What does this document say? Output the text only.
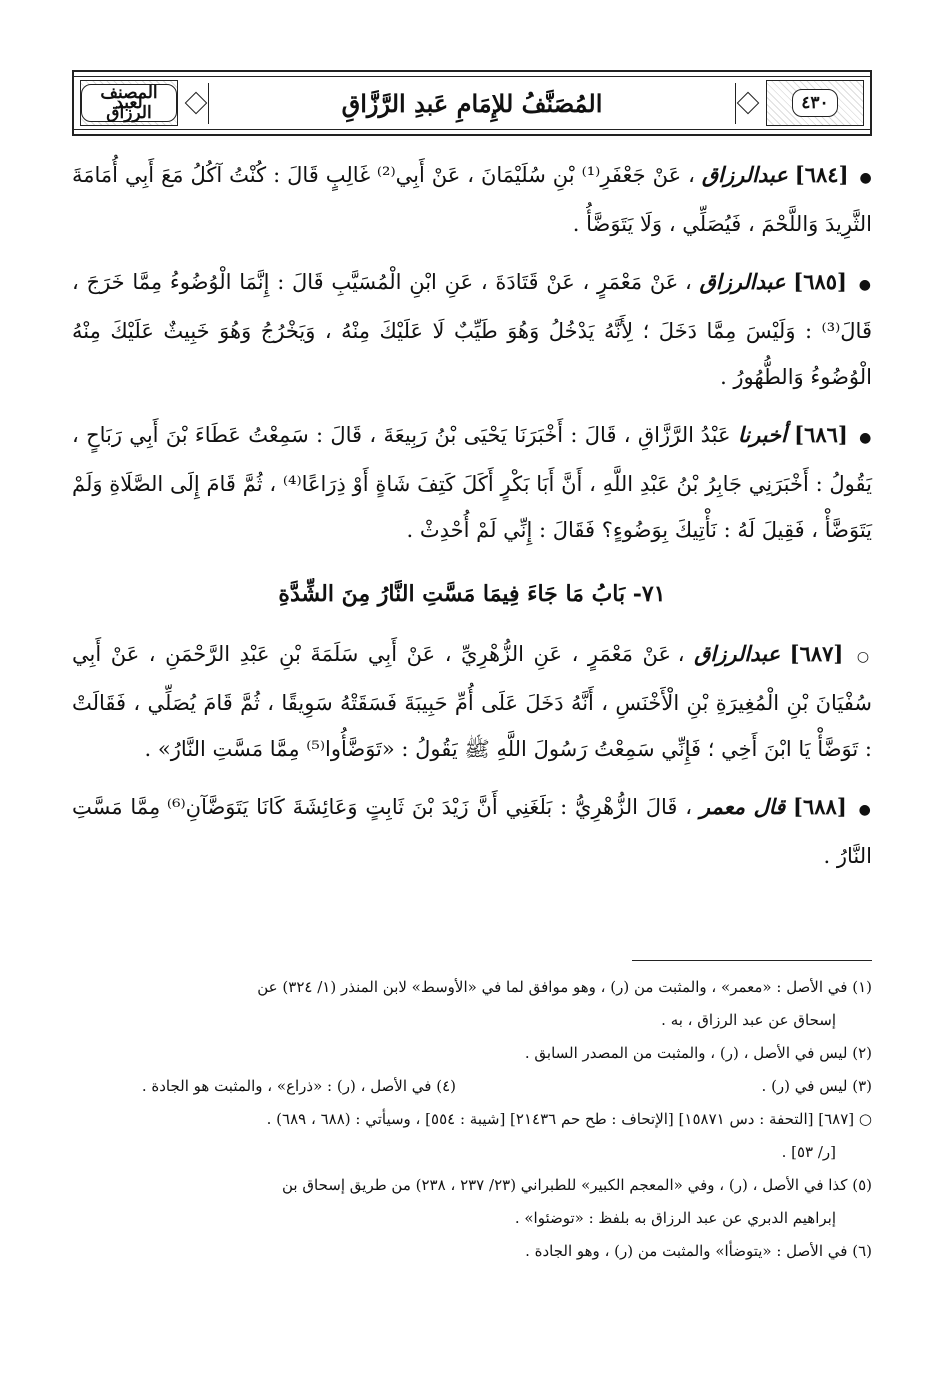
٤٣٠
المُصَنَّفُ للإِمَامِ عَبدِ الرَّزَّاقِ
المصنف لعبد الرزاق
● [٦٨٤] عبدالرزاق ، عَنْ جَعْفَرِ⁽¹⁾ بْنِ سُلَيْمَانَ ، عَنْ أَبِي⁽²⁾ غَالِبٍ قَالَ : كُنْتُ آكُلُ مَعَ أَبِي أُمَامَةَ الثَّرِيدَ وَاللَّحْمَ ، فَيُصَلِّي ، وَلَا يَتَوَضَّأُ .
● [٦٨٥] عبدالرزاق ، عَنْ مَعْمَرٍ ، عَنْ قَتَادَةَ ، عَنِ ابْنِ الْمُسَيَّبِ قَالَ : إِنَّمَا الْوُضُوءُ مِمَّا خَرَجَ ، قَالَ⁽³⁾ : وَلَيْسَ مِمَّا دَخَلَ ؛ لِأَنَّهُ يَدْخُلُ وَهُوَ طَيِّبٌ لَا عَلَيْكَ مِنْهُ ، وَيَخْرُجُ وَهُوَ خَبِيثٌ عَلَيْكَ مِنْهُ الْوُضُوءُ وَالطُّهُورُ .
● [٦٨٦] أخبرنا عَبْدُ الرَّزَّاقِ ، قَالَ : أَخْبَرَنَا يَحْيَى بْنُ رَبِيعَةَ ، قَالَ : سَمِعْتُ عَطَاءَ بْنَ أَبِي رَبَاحٍ ، يَقُولُ : أَخْبَرَنِي جَابِرُ بْنُ عَبْدِ اللَّهِ ، أَنَّ أَبَا بَكْرٍ أَكَلَ كَتِفَ شَاةٍ أَوْ ذِرَاعًا⁽⁴⁾ ، ثُمَّ قَامَ إِلَى الصَّلَاةِ وَلَمْ يَتَوَضَّأْ ، فَقِيلَ لَهُ : نَأْتِيكَ بِوَضُوءٍ؟ فَقَالَ : إِنِّي لَمْ أُحْدِثْ .
٧١- بَابُ مَا جَاءَ فِيمَا مَسَّتِ النَّارُ مِنَ الشِّدَّةِ
○ [٦٨٧] عبدالرزاق ، عَنْ مَعْمَرٍ ، عَنِ الزُّهْرِيِّ ، عَنْ أَبِي سَلَمَةَ بْنِ عَبْدِ الرَّحْمَنِ ، عَنْ أَبِي سُفْيَانَ بْنِ الْمُغِيرَةِ بْنِ الْأَخْنَسِ ، أَنَّهُ دَخَلَ عَلَى أُمِّ حَبِيبَةَ فَسَقَتْهُ سَوِيقًا ، ثُمَّ قَامَ يُصَلِّي ، فَقَالَتْ : تَوَضَّأْ يَا ابْنَ أَخِي ؛ فَإِنِّي سَمِعْتُ رَسُولَ اللَّهِ ﷺ يَقُولُ : «تَوَضَّأُوا⁽⁵⁾ مِمَّا مَسَّتِ النَّارُ» .
● [٦٨٨] قال معمر ، قَالَ الزُّهْرِيُّ : بَلَغَنِي أَنَّ زَيْدَ بْنَ ثَابِتٍ وَعَائِشَةَ كَانَا يَتَوَضَّآنِ⁽⁶⁾ مِمَّا مَسَّتِ النَّارُ .
(١) في الأصل : «معمر» ، والمثبت من (ر) ، وهو موافق لما في «الأوسط» لابن المنذر (١/ ٣٢٤) عن
إسحاق عن عبد الرزاق ، به .
(٢) ليس في الأصل ، (ر) ، والمثبت من المصدر السابق .
(٣) ليس في (ر) .
(٤) في الأصل ، (ر) : «ذراع» ، والمثبت هو الجادة .
○ [٦٨٧] [التحفة : دس ١٥٨٧١] [الإتحاف : طح حم ٢١٤٣٦] [شيبة : ٥٥٤] ، وسيأتي : (٦٨٨ ، ٦٨٩) .
[ر/ ٥٣] .
(٥) كذا في الأصل ، (ر) ، وفي «المعجم الكبير» للطبراني (٢٣/ ٢٣٧ ، ٢٣٨) من طريق إسحاق بن
إبراهيم الدبري عن عبد الرزاق به بلفظ : «توضئوا» .
(٦) في الأصل : «يتوضأا» والمثبت من (ر) ، وهو الجادة .
